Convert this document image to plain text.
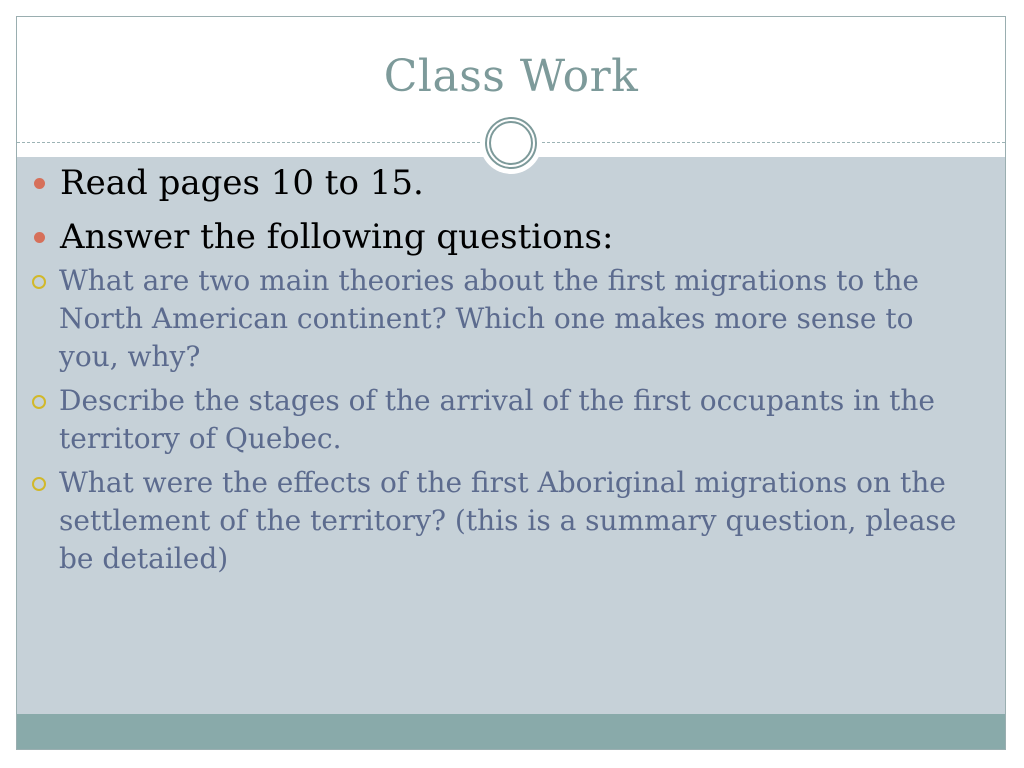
Class Work
Read pages 10 to 15.
Answer the following questions:
What are two main theories about the first migrations to the North American continent? Which one makes more sense to you, why?
Describe the stages of the arrival of the first occupants in the territory of Quebec.
What were the effects of the first Aboriginal migrations on the settlement of the territory? (this is a summary question, please be detailed)
